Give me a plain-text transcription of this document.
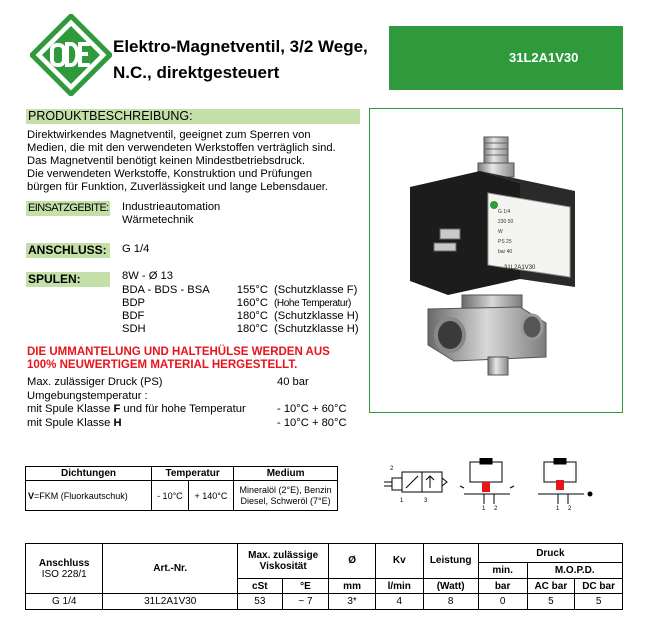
Elektro-Magnetventil, 3/2 Wege,
N.C., direktgesteuert
31L2A1V30
PRODUKTBESCHREIBUNG:
Direktwirkendes Magnetventil, geeignet zum Sperren von
Medien, die mit den verwendeten Werkstoffen verträglich sind.
Das Magnetventil benötigt keinen Mindestbetriebsdruck.
Die verwendeten Werkstoffe, Konstruktion und Prüfungen
bürgen für Funktion, Zuverlässigkeit und lange Lebensdauer.
EINSATZGEBITE: Industrieautomation
Wärmetechnik
ANSCHLUSS: G 1/4
SPULEN:	8W - Ø 13
BDA - BDS - BSA	155°C	(Schutzklasse F)
BDP	160°C	(Hohe Temperatur)
BDF	180°C	(Schutzklasse H)
SDH	180°C	(Schutzklasse H)
DIE UMMANTELUNG UND HALTEHÜLSE WERDEN AUS
100% NEUWERTIGEM MATERIAL HERGESTELLT.
Max. zulässiger Druck (PS)	40 bar
Umgebungstemperatur :
mit Spule Klasse F und für hohe Temperatur	- 10°C + 60°C
mit Spule Klasse H	- 10°C + 80°C
G 1/4
230 50
W
PS 25
bar 40
31L2A1V30
Dichtungen	Temperatur		Medium
V=FKM (Fluorkautschuk)	- 10°C	+ 140°C	Mineralöl (2°E), Benzin
Diesel, Schweröl (7°E)
2
1	3
1 2	1 2
Anschluss
ISO 228/1	Art.-Nr.	Max. zulässige Viskosität		Ø	Kv	Leistung	Druck		
							min.	M.O.P.D.	
		cSt	°E	mm	l/min	(Watt)	bar	AC bar	DC bar
G 1/4	31L2A1V30	53	~ 7	3*	4	8	0	5	5
